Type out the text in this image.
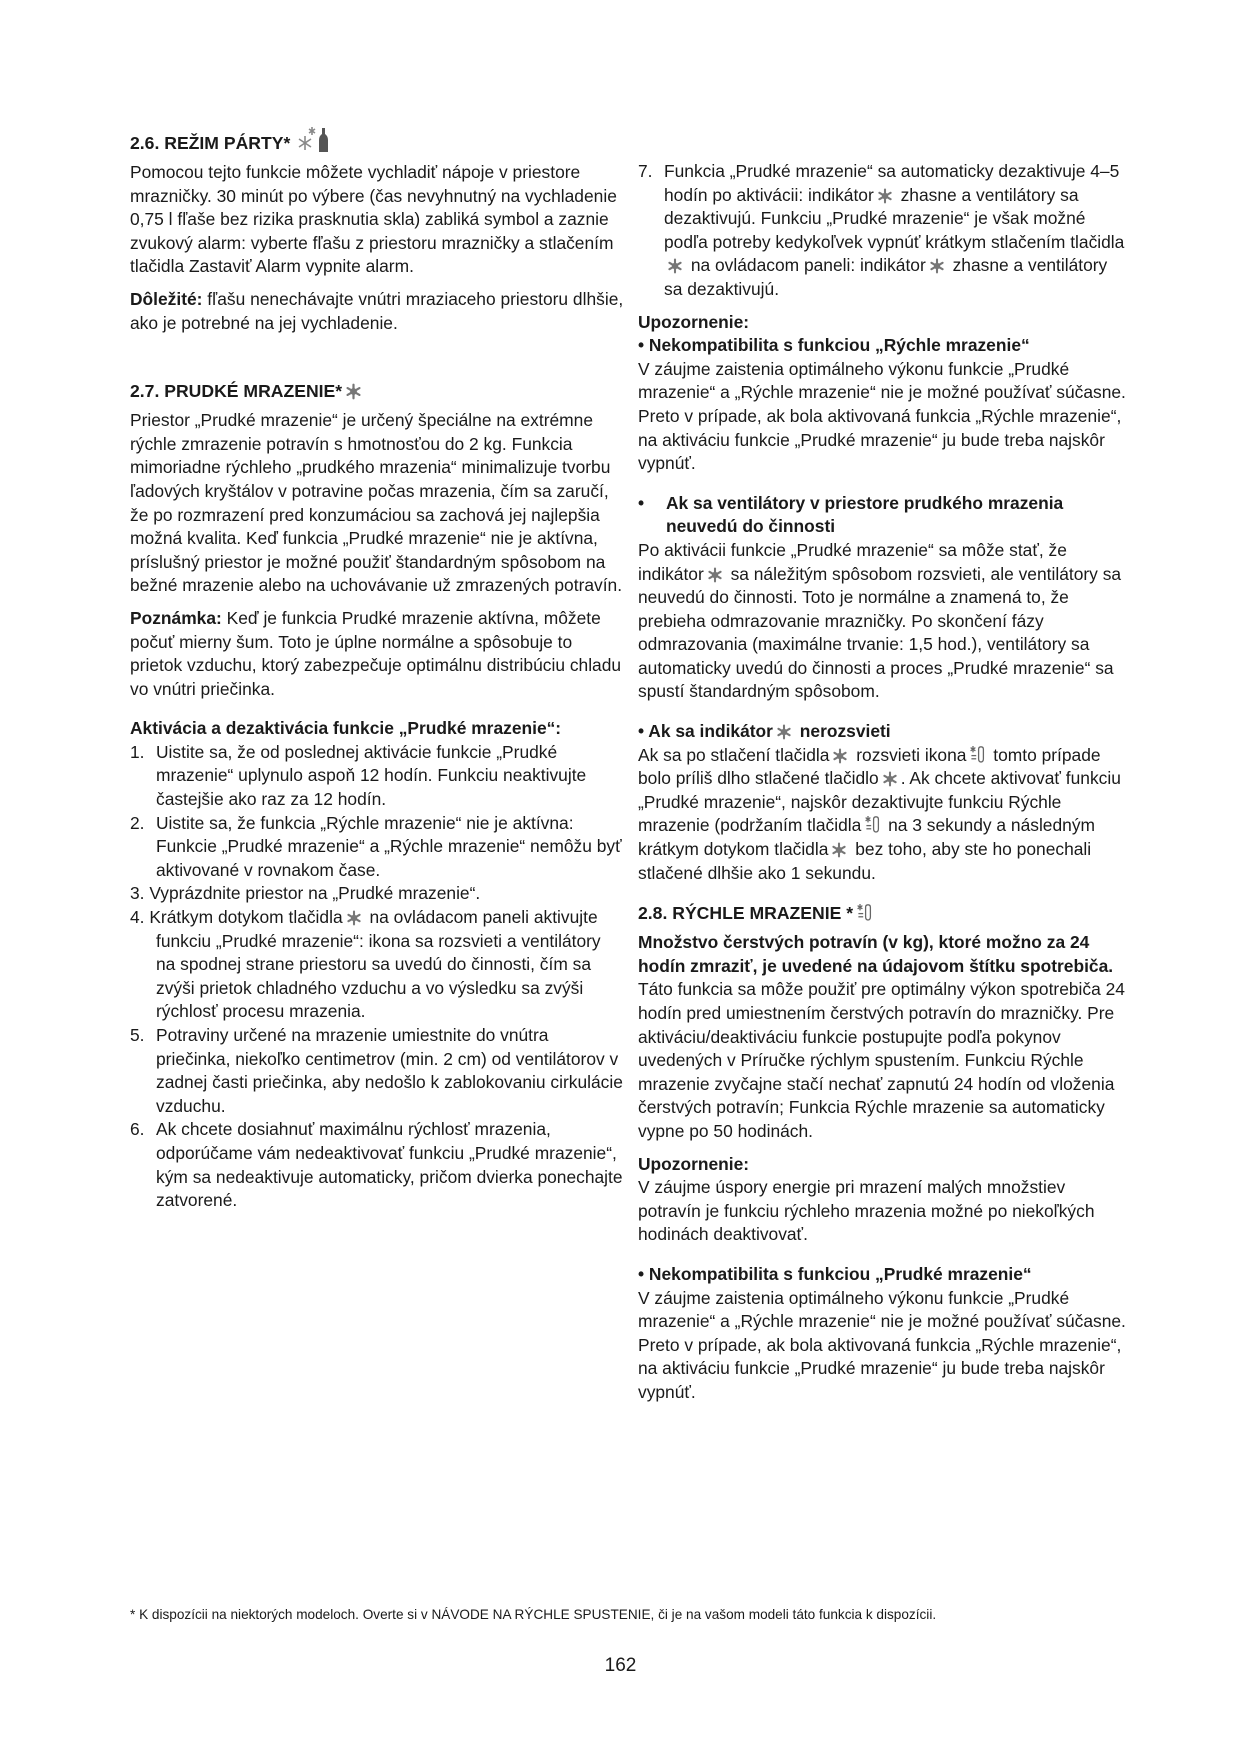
2.6. REŽIM PÁRTY*

Pomocou tejto funkcie môžete vychladiť nápoje v priestore mrazničky. 30 minút po výbere (čas nevyhnutný na vychladenie 0,75 l fľaše bez rizika prasknutia skla) zabliká symbol a zaznie zvukový alarm: vyberte fľašu z priestoru mrazničky a stlačením tlačidla Zastaviť Alarm vypnite alarm.

Dôležité: fľašu nenechávajte vnútri mraziaceho priestoru dlhšie, ako je potrebné na jej vychladenie.

2.7. PRUDKÉ MRAZENIE*

Priestor „Prudké mrazenie“ je určený špeciálne na extrémne rýchle zmrazenie potravín s hmotnosťou do 2 kg. Funkcia mimoriadne rýchleho „prudkého mrazenia“ minimalizuje tvorbu ľadových kryštálov v potravine počas mrazenia, čím sa zaručí, že po rozmrazení pred konzumáciou sa zachová jej najlepšia možná kvalita. Keď funkcia „Prudké mrazenie“ nie je aktívna, príslušný priestor je možné použiť štandardným spôsobom na bežné mrazenie alebo na uchovávanie už zmrazených potravín.

Poznámka: Keď je funkcia Prudké mrazenie aktívna, môžete počuť mierny šum. Toto je úplne normálne a spôsobuje to prietok vzduchu, ktorý zabezpečuje optimálnu distribúciu chladu vo vnútri priečinka.

Aktivácia a dezaktivácia funkcie „Prudké mrazenie“:

1. Uistite sa, že od poslednej aktivácie funkcie „Prudké mrazenie“ uplynulo aspoň 12 hodín. Funkciu neaktivujte častejšie ako raz za 12 hodín.
2. Uistite sa, že funkcia „Rýchle mrazenie“ nie je aktívna: Funkcie „Prudké mrazenie“ a „Rýchle mrazenie“ nemôžu byť aktivované v rovnakom čase.
3. Vyprázdnite priestor na „Prudké mrazenie“.
4. Krátkym dotykom tlačidla na ovládacom paneli aktivujte funkciu „Prudké mrazenie“: ikona sa rozsvieti a ventilátory na spodnej strane priestoru sa uvedú do činnosti, čím sa zvýši prietok chladného vzduchu a vo výsledku sa zvýši rýchlosť procesu mrazenia.
5. Potraviny určené na mrazenie umiestnite do vnútra priečinka, niekoľko centimetrov (min. 2 cm) od ventilátorov v zadnej časti priečinka, aby nedošlo k zablokovaniu cirkulácie vzduchu.
6. Ak chcete dosiahnuť maximálnu rýchlosť mrazenia, odporúčame vám nedeaktivovať funkciu „Prudké mrazenie“, kým sa nedeaktivuje automaticky, pričom dvierka ponechajte zatvorené.

7. Funkcia „Prudké mrazenie“ sa automaticky dezaktivuje 4–5 hodín po aktivácii: indikátor zhasne a ventilátory sa dezaktivujú. Funkciu „Prudké mrazenie“ je však možné podľa potreby kedykoľvek vypnúť krátkym stlačením tlačidla na ovládacom paneli: indikátor zhasne a ventilátory sa dezaktivujú.

Upozornenie:

• Nekompatibilita s funkciou „Rýchle mrazenie“

V záujme zaistenia optimálneho výkonu funkcie „Prudké mrazenie“ a „Rýchle mrazenie“ nie je možné používať súčasne. Preto v prípade, ak bola aktivovaná funkcia „Rýchle mrazenie“, na aktiváciu funkcie „Prudké mrazenie“ ju bude treba najskôr vypnúť.

• Ak sa ventilátory v priestore prudkého mrazenia neuvedú do činnosti

Po aktivácii funkcie „Prudké mrazenie“ sa môže stať, že indikátor sa náležitým spôsobom rozsvieti, ale ventilátory sa neuvedú do činnosti. Toto je normálne a znamená to, že prebieha odmrazovanie mrazničky. Po skončení fázy odmrazovania (maximálne trvanie: 1,5 hod.), ventilátory sa automaticky uvedú do činnosti a proces „Prudké mrazenie“ sa spustí štandardným spôsobom.

• Ak sa indikátor nerozsvieti

Ak sa po stlačení tlačidla rozsvieti ikona tomto prípade bolo príliš dlho stlačené tlačidlo . Ak chcete aktivovať funkciu „Prudké mrazenie“, najskôr dezaktivujte funkciu Rýchle mrazenie (podržaním tlačidla na 3 sekundy a následným krátkym dotykom tlačidla bez toho, aby ste ho ponechali stlačené dlhšie ako 1 sekundu.

2.8. RÝCHLE MRAZENIE *

Množstvo čerstvých potravín (v kg), ktoré možno za 24 hodín zmraziť, je uvedené na údajovom štítku spotrebiča.

Táto funkcia sa môže použiť pre optimálny výkon spotrebiča 24 hodín pred umiestnením čerstvých potravín do mrazničky. Pre aktiváciu/deaktiváciu funkcie postupujte podľa pokynov uvedených v Príručke rýchlym spustením. Funkciu Rýchle mrazenie zvyčajne stačí nechať zapnutú 24 hodín od vloženia čerstvých potravín; Funkcia Rýchle mrazenie sa automaticky vypne po 50 hodinách.

Upozornenie:

V záujme úspory energie pri mrazení malých množstiev potravín je funkciu rýchleho mrazenia možné po niekoľkých hodinách deaktivovať.

• Nekompatibilita s funkciou „Prudké mrazenie“

V záujme zaistenia optimálneho výkonu funkcie „Prudké mrazenie“ a „Rýchle mrazenie“ nie je možné používať súčasne. Preto v prípade, ak bola aktivovaná funkcia „Rýchle mrazenie“, na aktiváciu funkcie „Prudké mrazenie“ ju bude treba najskôr vypnúť.

* K dispozícii na niektorých modeloch. Overte si v NÁVODE NA RÝCHLE SPUSTENIE, či je na vašom modeli táto funkcia k dispozícii.
162
